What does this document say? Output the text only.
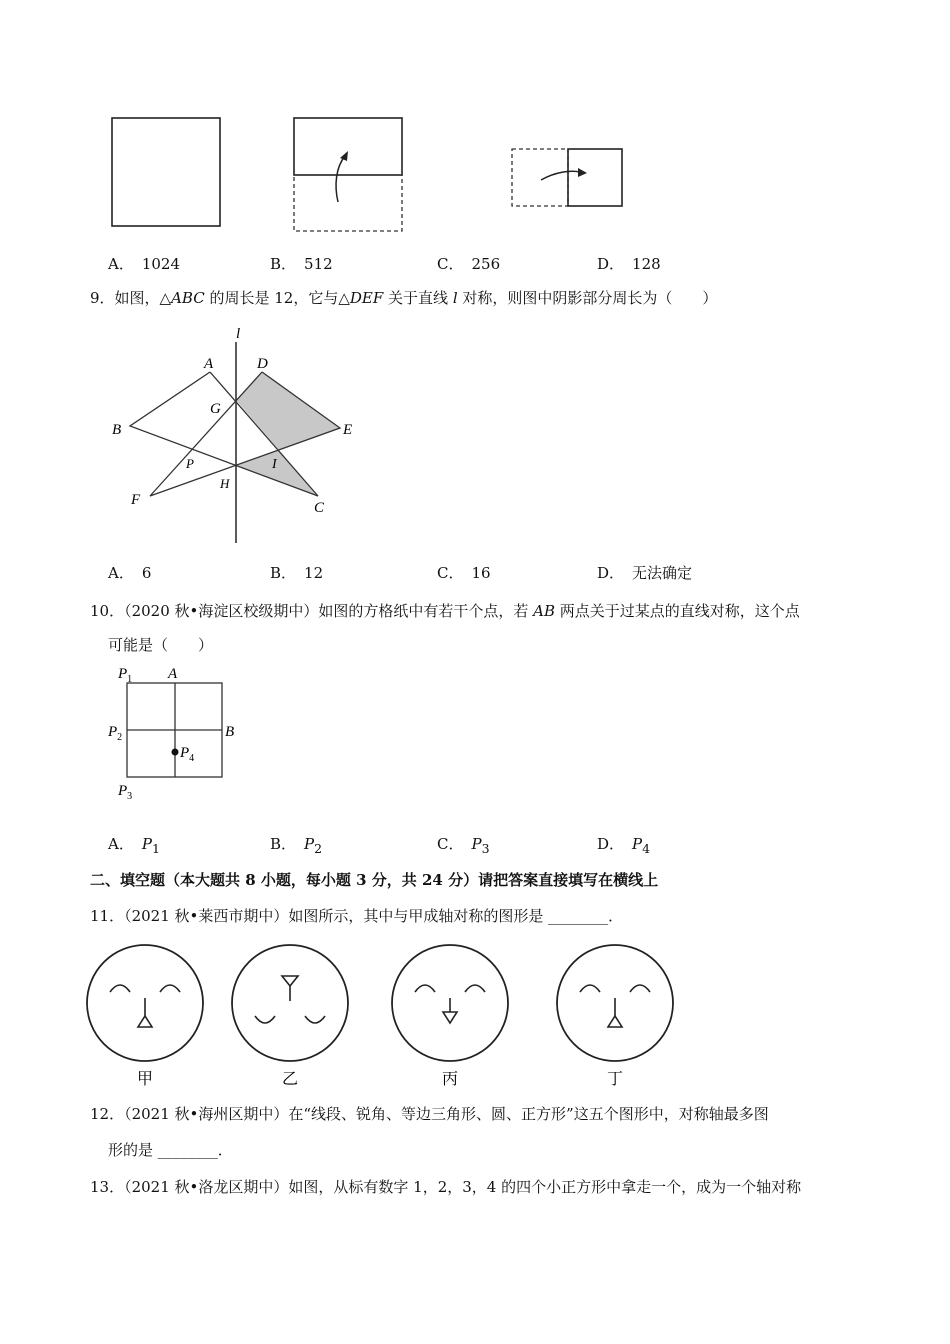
A． 1024	B． 512	C． 256	D． 128
9．如图，△ABC 的周长是 12，它与△DEF 关于直线 l 对称，则图中阴影部分周长为（　　）
l
A	D
G
B	E
P	I
H
F	C
A． 6	B． 12	C． 16	D． 无法确定
10．（2020 秋•海淀区校级期中）如图的方格纸中有若干个点，若 AB 两点关于过某点的直线对称，这个点
可能是（　　）
$P_1$ A
$P_2$	B
$P_4$
$P_3$
A． $P_1$	B． $P_2$	C． $P_3$	D． $P_4$
二、填空题（本大题共 8 小题，每小题 3 分，共 24 分）请把答案直接填写在横线上
11．（2021 秋•莱西市期中）如图所示，其中与甲成轴对称的图形是 ________．
甲	乙	丙	丁
12．（2021 秋•海州区期中）在“线段、锐角、等边三角形、圆、正方形”这五个图形中，对称轴最多图
形的是 ________．
13．（2021 秋•洛龙区期中）如图，从标有数字 1，2，3，4 的四个小正方形中拿走一个，成为一个轴对称
